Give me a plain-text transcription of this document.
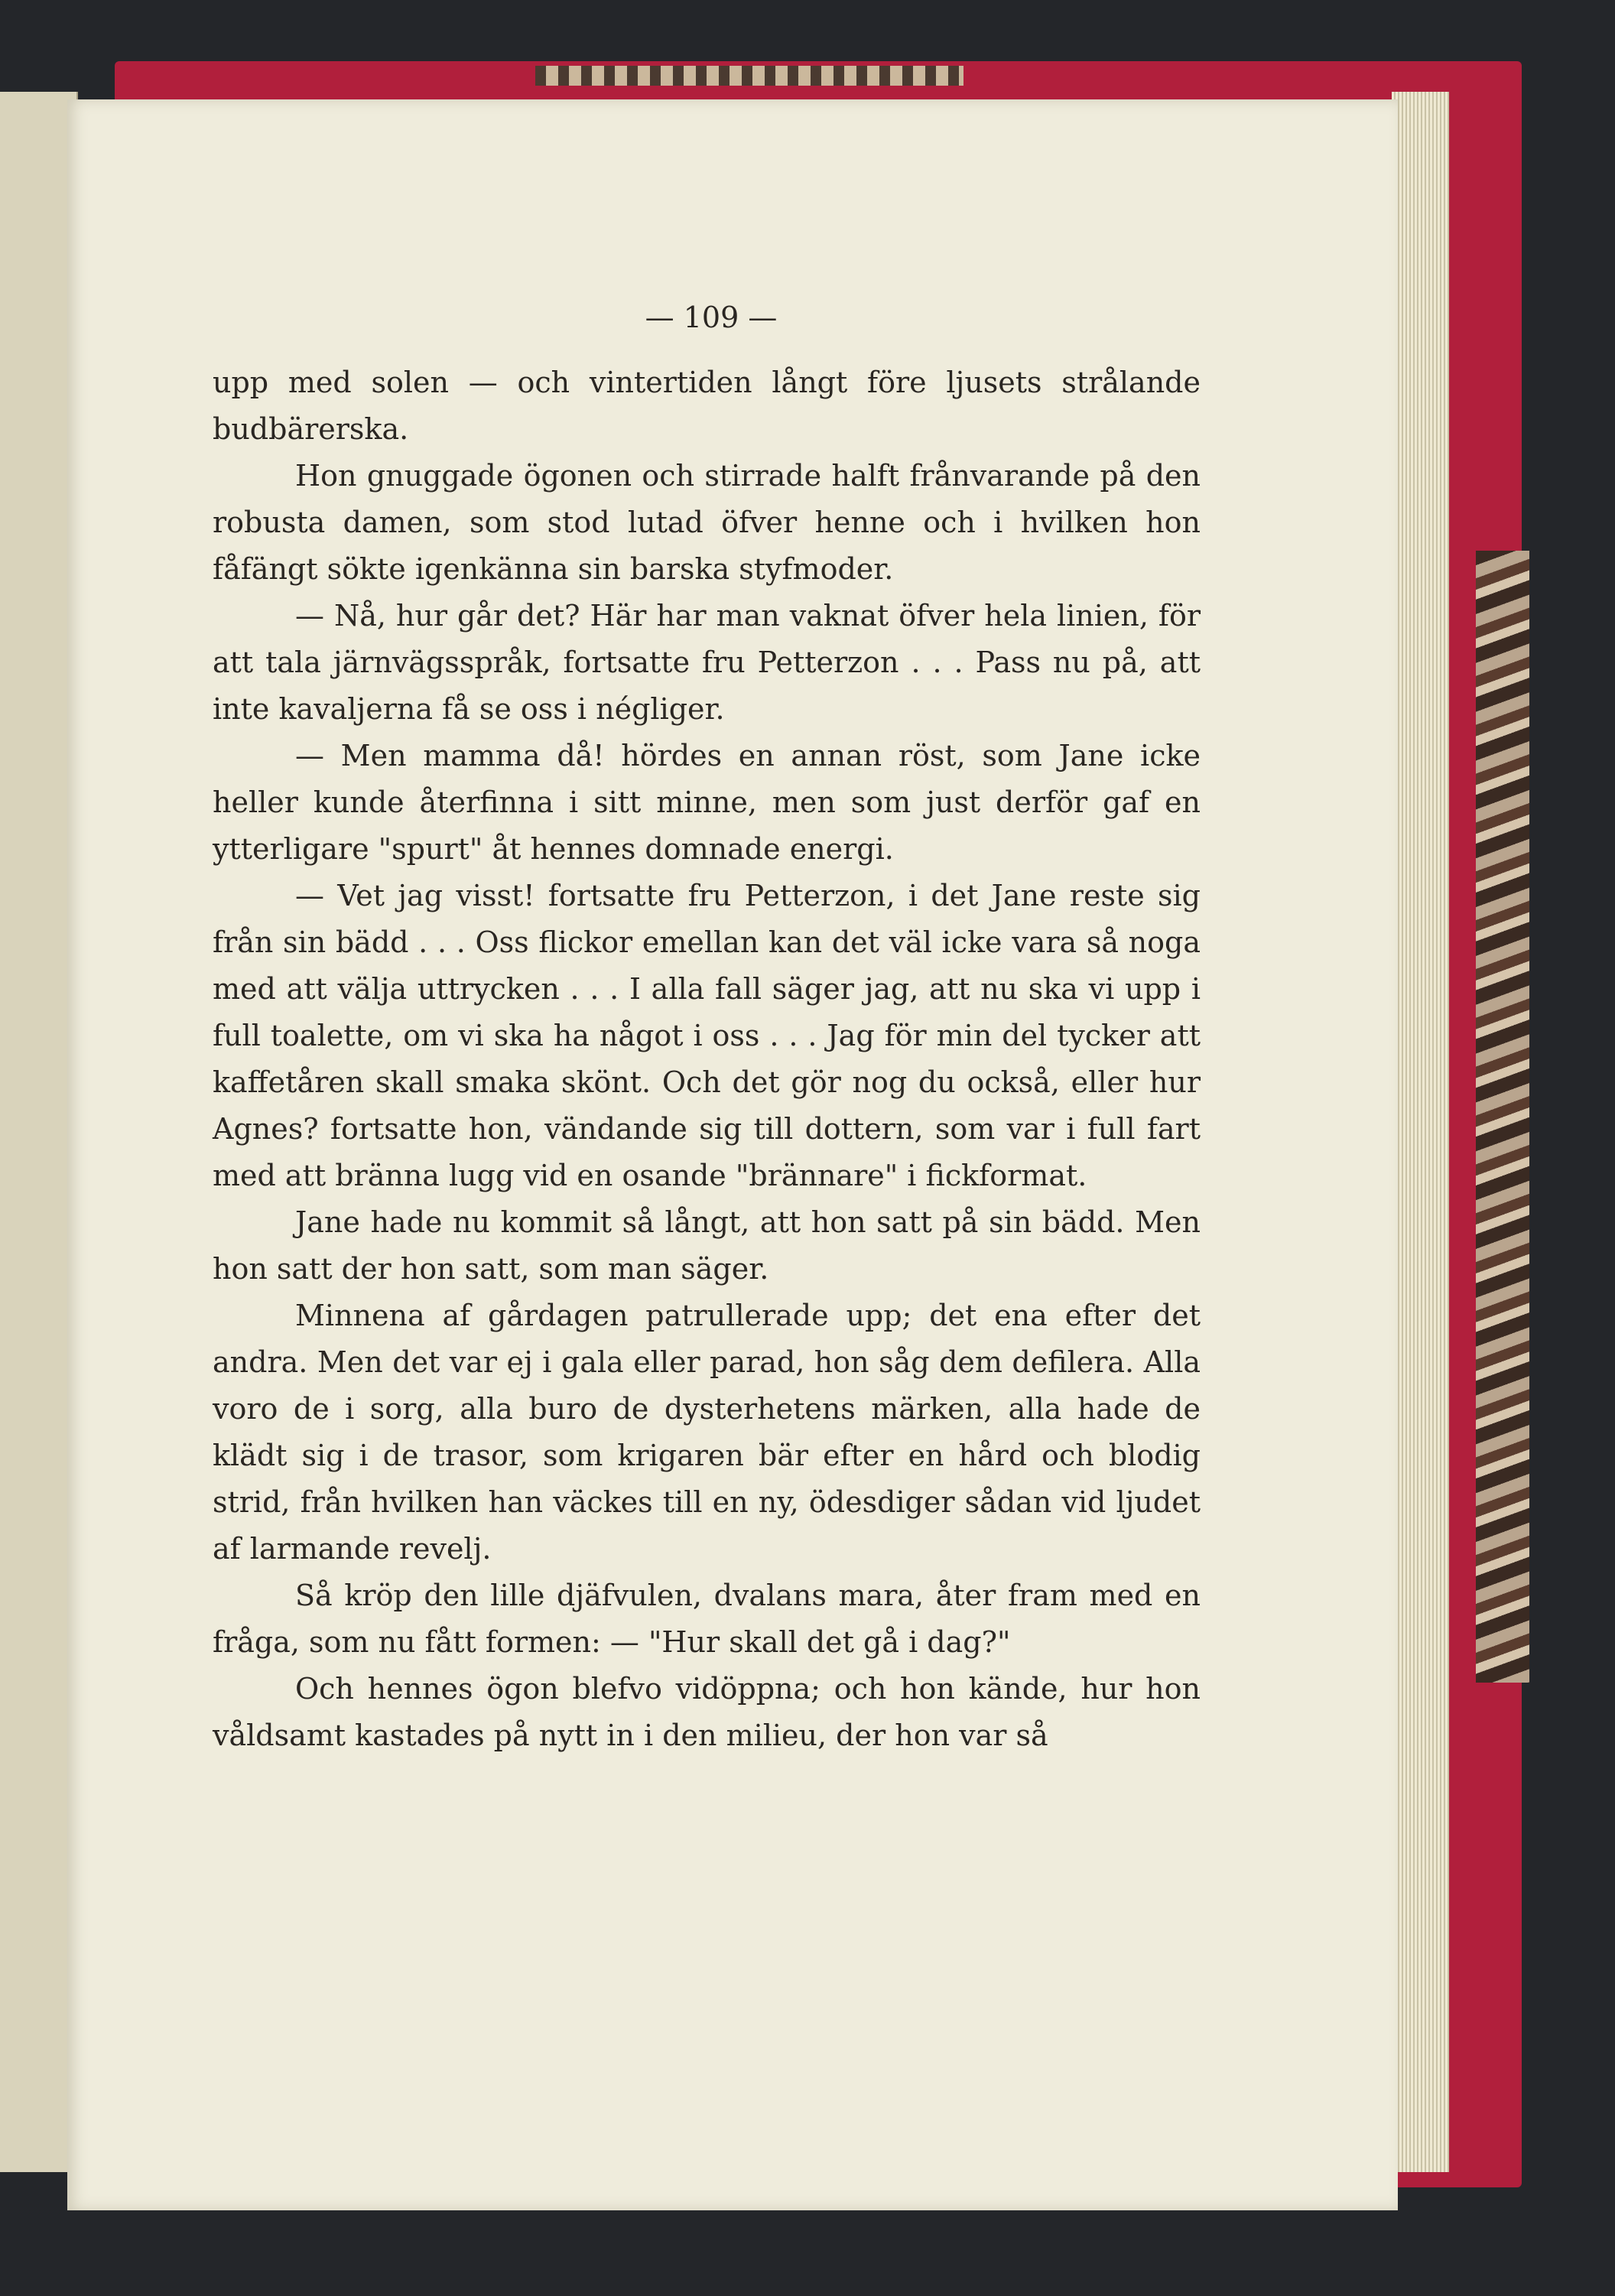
— 109 —

upp med solen — och vintertiden långt före ljusets strålande budbärerska.

Hon gnuggade ögonen och stirrade halft frånvarande på den robusta damen, som stod lutad öfver henne och i hvilken hon fåfängt sökte igenkänna sin barska styfmoder.

— Nå, hur går det? Här har man vaknat öfver hela linien, för att tala järnvägsspråk, fortsatte fru Petterzon . . . Pass nu på, att inte kavaljerna få se oss i négliger.

— Men mamma då! hördes en annan röst, som Jane icke heller kunde återfinna i sitt minne, men som just derför gaf en ytterligare "spurt" åt hennes domnade energi.

— Vet jag visst! fortsatte fru Petterzon, i det Jane reste sig från sin bädd . . . Oss flickor emellan kan det väl icke vara så noga med att välja uttrycken . . . I alla fall säger jag, att nu ska vi upp i full toalette, om vi ska ha något i oss . . . Jag för min del tycker att kaffetåren skall smaka skönt. Och det gör nog du också, eller hur Agnes? fortsatte hon, vändande sig till dottern, som var i full fart med att bränna lugg vid en osande "brännare" i fickformat.

Jane hade nu kommit så långt, att hon satt på sin bädd. Men hon satt der hon satt, som man säger.

Minnena af gårdagen patrullerade upp; det ena efter det andra. Men det var ej i gala eller parad, hon såg dem defilera. Alla voro de i sorg, alla buro de dysterhetens märken, alla hade de klädt sig i de trasor, som krigaren bär efter en hård och blodig strid, från hvilken han väckes till en ny, ödesdiger sådan vid ljudet af larmande revelj.

Så kröp den lille djäfvulen, dvalans mara, åter fram med en fråga, som nu fått formen: — "Hur skall det gå i dag?"

Och hennes ögon blefvo vidöppna; och hon kände, hur hon våldsamt kastades på nytt in i den milieu, der hon var så
